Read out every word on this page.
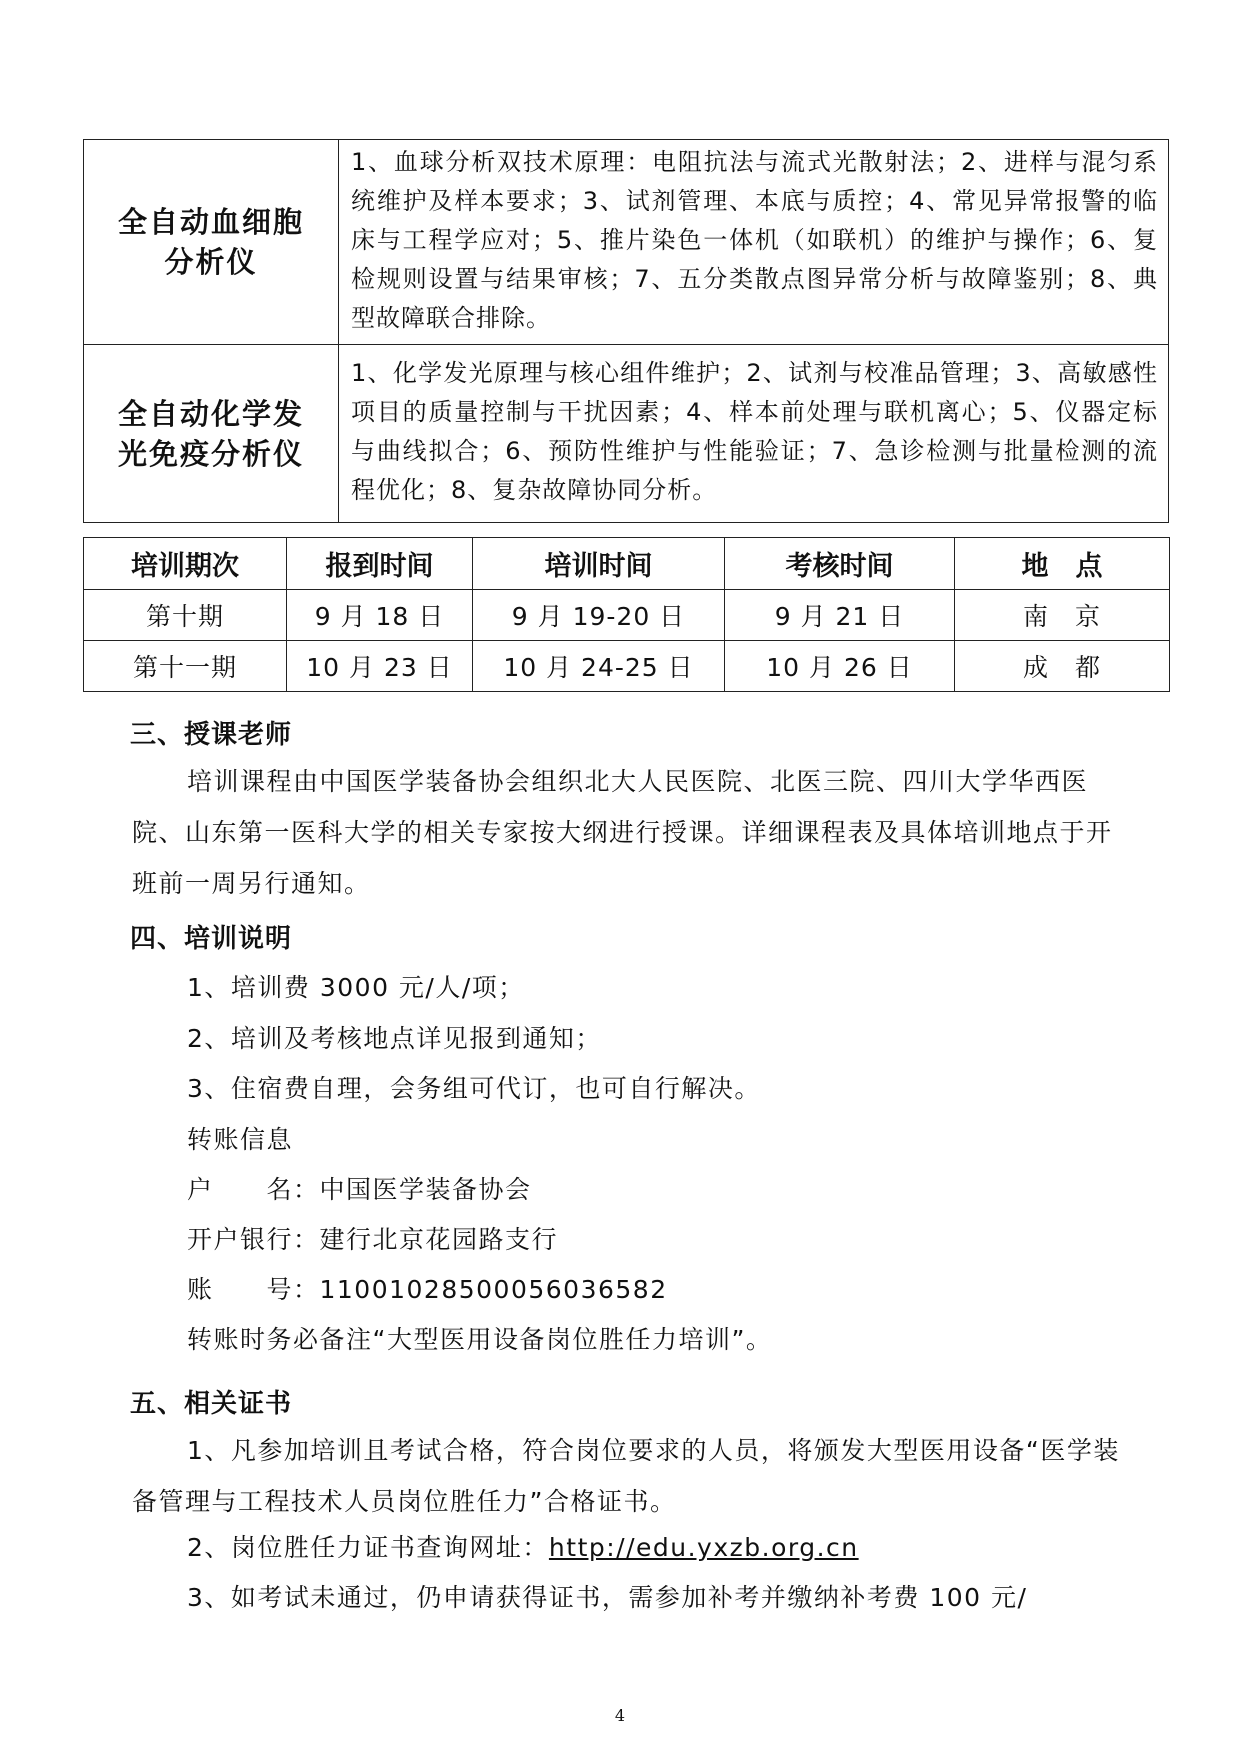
全自动血细胞分析仪	1、血球分析双技术原理：电阻抗法与流式光散射法；2、进样与混匀系统维护及样本要求；3、试剂管理、本底与质控；4、常见异常报警的临床与工程学应对；5、推片染色一体机（如联机）的维护与操作；6、复检规则设置与结果审核；7、五分类散点图异常分析与故障鉴别；8、典型故障联合排除。
全自动化学发光免疫分析仪	1、化学发光原理与核心组件维护；2、试剂与校准品管理；3、高敏感性项目的质量控制与干扰因素；4、样本前处理与联机离心；5、仪器定标与曲线拟合；6、预防性维护与性能验证；7、急诊检测与批量检测的流程优化；8、复杂故障协同分析。
培训期次	报到时间	培训时间	考核时间	地　点
第十期	9 月 18 日	9 月 19-20 日	9 月 21 日	南　京
第十一期	10 月 23 日	10 月 24-25 日	10 月 26 日	成　都
三、授课老师
培训课程由中国医学装备协会组织北大人民医院、北医三院、四川大学华西医院、山东第一医科大学的相关专家按大纲进行授课。详细课程表及具体培训地点于开班前一周另行通知。
四、培训说明
1、培训费 3000 元/人/项；
2、培训及考核地点详见报到通知；
3、住宿费自理，会务组可代订，也可自行解决。
转账信息
户　　名：中国医学装备协会
开户银行：建行北京花园路支行
账　　号：11001028500056036582
转账时务必备注“大型医用设备岗位胜任力培训”。
五、相关证书
1、凡参加培训且考试合格，符合岗位要求的人员，将颁发大型医用设备“医学装备管理与工程技术人员岗位胜任力”合格证书。
2、岗位胜任力证书查询网址：http://edu.yxzb.org.cn
3、如考试未通过，仍申请获得证书，需参加补考并缴纳补考费 100 元/
4
